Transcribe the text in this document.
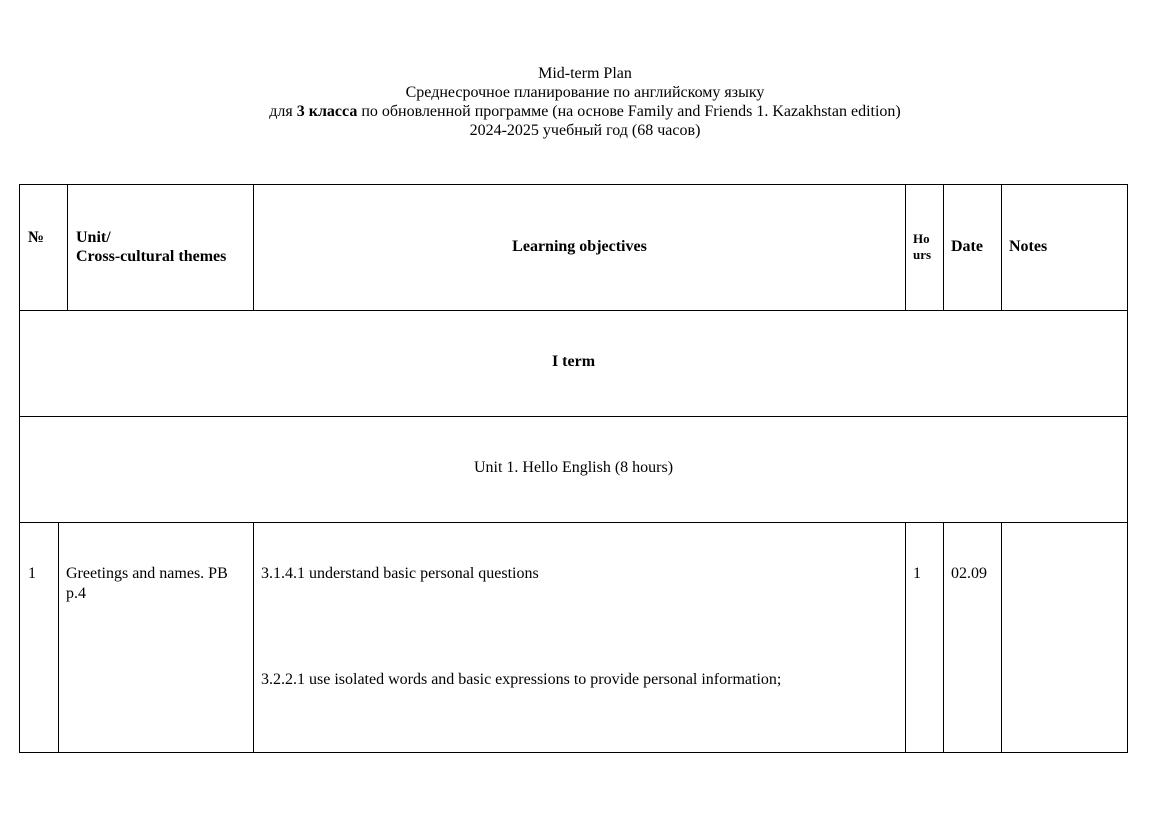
Mid-term Plan
Среднесрочное планирование по английскому языку
для 3 класса по обновленной программе (на основе Family and Friends 1. Kazakhstan edition)
2024-2025 учебный год (68 часов)
№ Unit/
Cross-cultural themes
Learning objectives	Ho
urs Date Notes
I term
Unit 1. Hello English (8 hours)
1 Greetings and names. PB p.4
3.1.4.1 understand basic personal questions
3.2.2.1 use isolated words and basic expressions to provide personal information;
1 02.09
